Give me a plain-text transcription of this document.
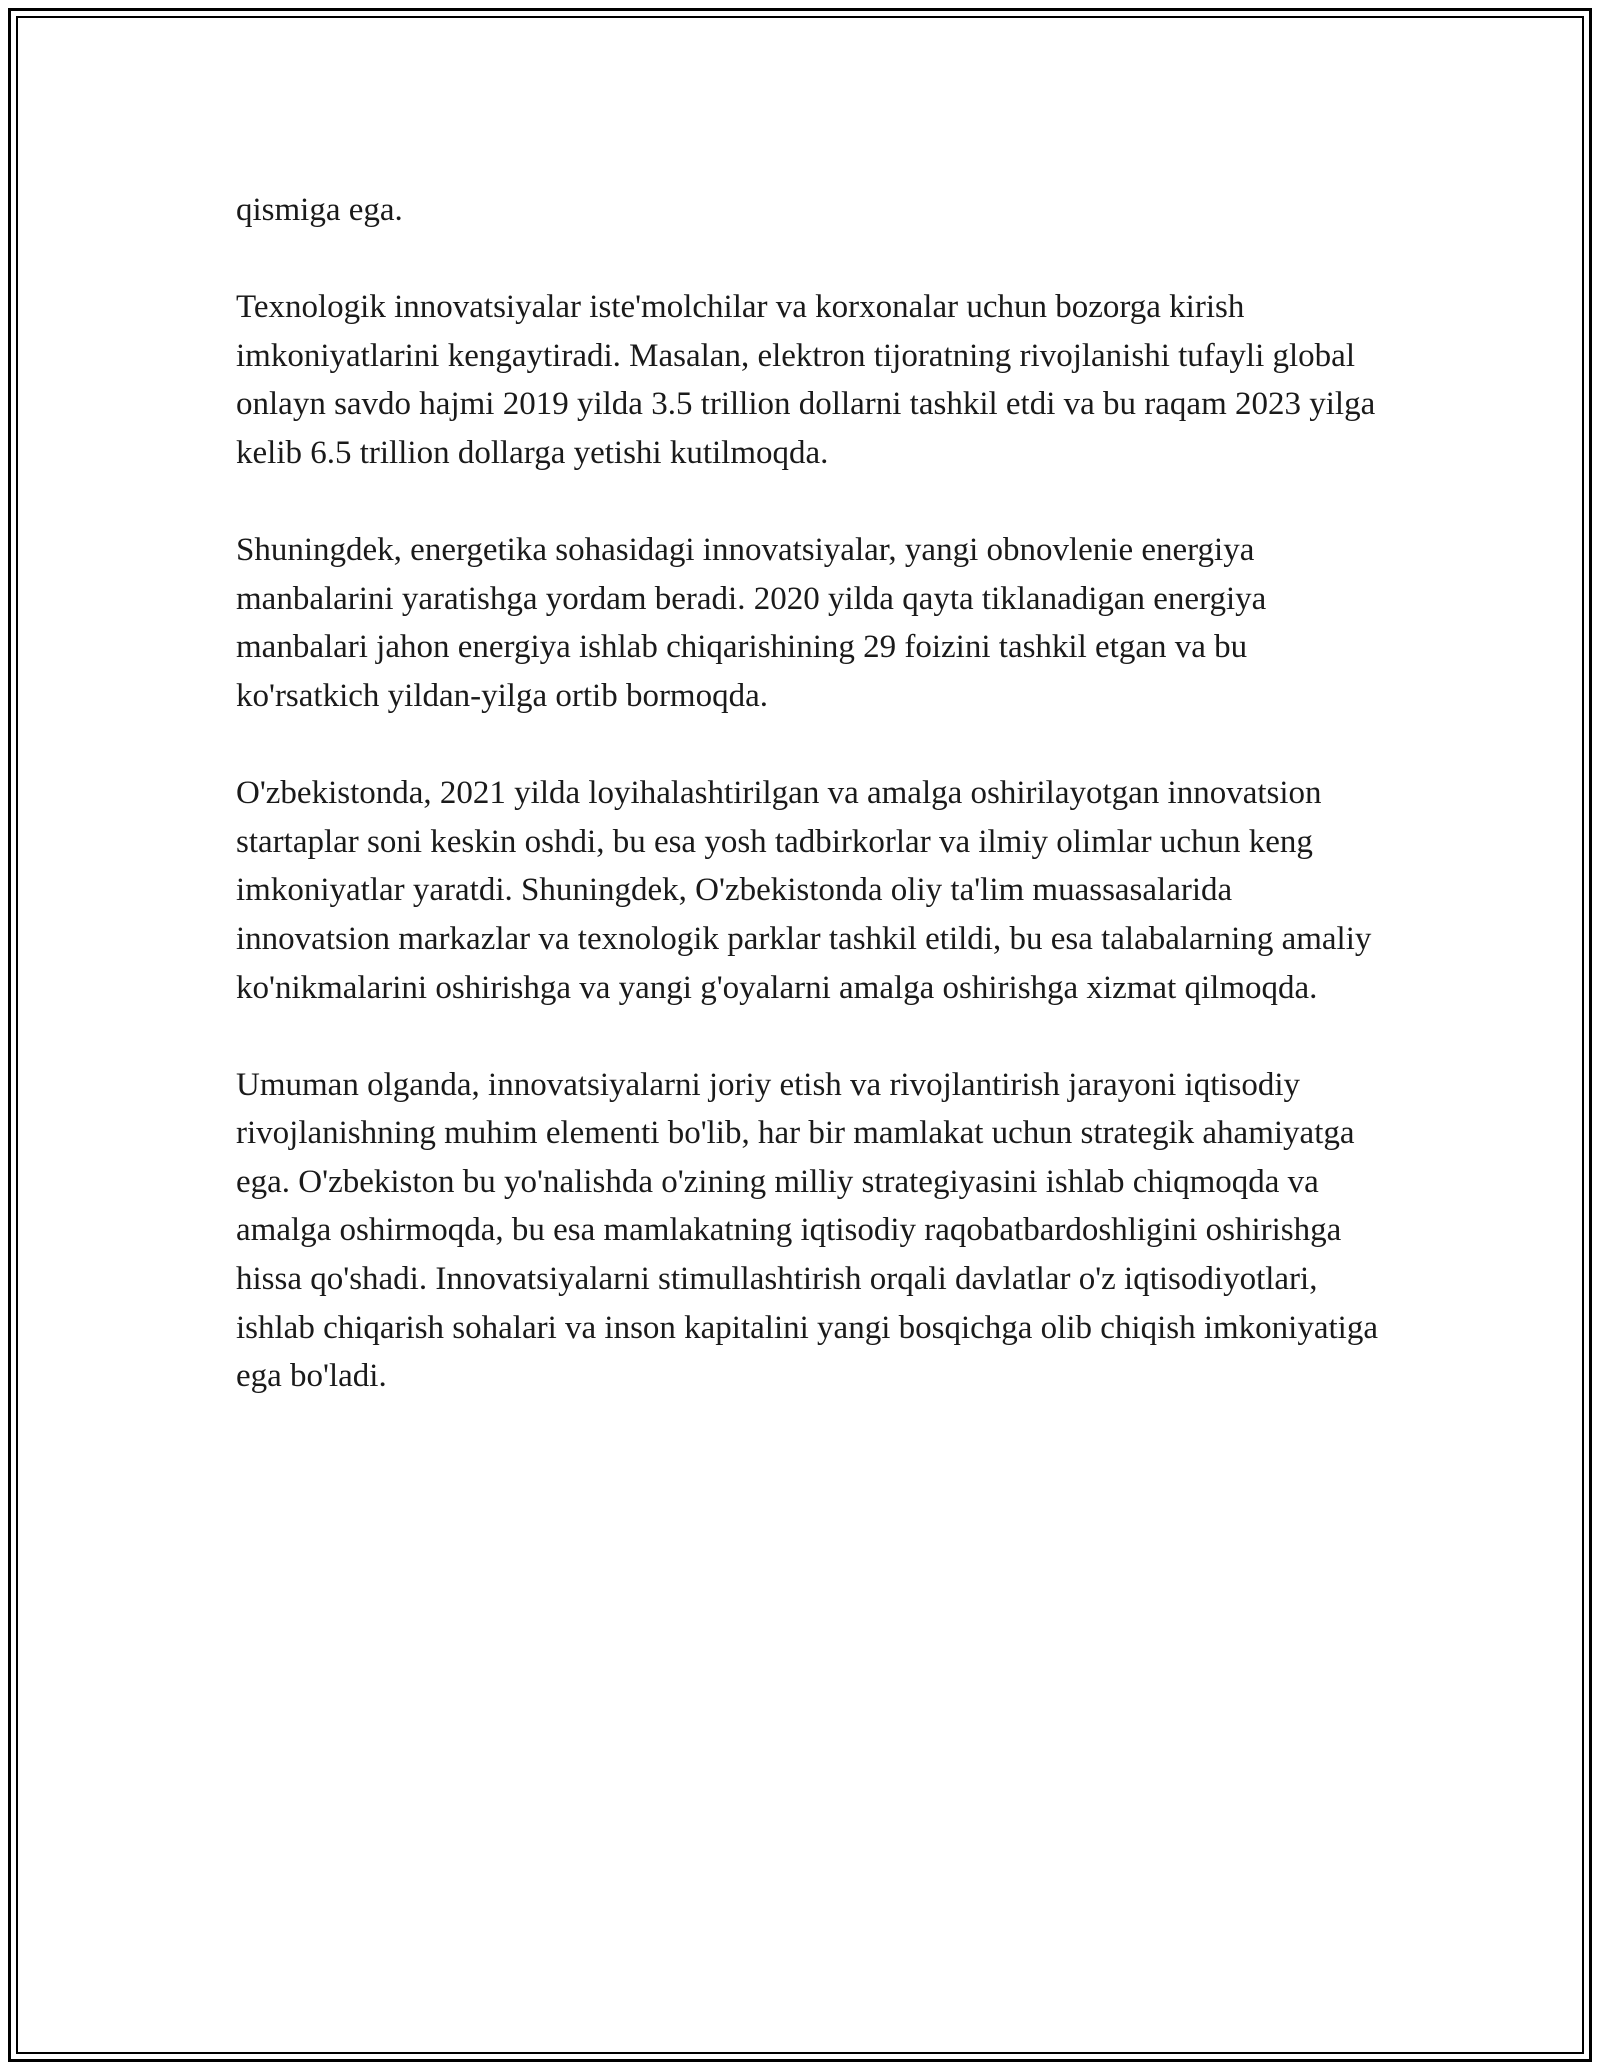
qismiga ega.

Texnologik innovatsiyalar iste'molchilar va korxonalar uchun bozorga kirish imkoniyatlarini kengaytiradi. Masalan, elektron tijoratning rivojlanishi tufayli global onlayn savdo hajmi 2019 yilda 3.5 trillion dollarni tashkil etdi va bu raqam 2023 yilga kelib 6.5 trillion dollarga yetishi kutilmoqda.

Shuningdek, energetika sohasidagi innovatsiyalar, yangi obnovlenie energiya manbalarini yaratishga yordam beradi. 2020 yilda qayta tiklanadigan energiya manbalari jahon energiya ishlab chiqarishining 29 foizini tashkil etgan va bu ko'rsatkich yildan-yilga ortib bormoqda.

O'zbekistonda, 2021 yilda loyihalashtirilgan va amalga oshirilayotgan innovatsion startaplar soni keskin oshdi, bu esa yosh tadbirkorlar va ilmiy olimlar uchun keng imkoniyatlar yaratdi. Shuningdek, O'zbekistonda oliy ta'lim muassasalarida innovatsion markazlar va texnologik parklar tashkil etildi, bu esa talabalarning amaliy ko'nikmalarini oshirishga va yangi g'oyalarni amalga oshirishga xizmat qilmoqda.

Umuman olganda, innovatsiyalarni joriy etish va rivojlantirish jarayoni iqtisodiy rivojlanishning muhim elementi bo'lib, har bir mamlakat uchun strategik ahamiyatga ega. O'zbekiston bu yo'nalishda o'zining milliy strategiyasini ishlab chiqmoqda va amalga oshirmoqda, bu esa mamlakatning iqtisodiy raqobatbardoshligini oshirishga hissa qo'shadi. Innovatsiyalarni stimullashtirish orqali davlatlar o'z iqtisodiyotlari, ishlab chiqarish sohalari va inson kapitalini yangi bosqichga olib chiqish imkoniyatiga ega bo'ladi.
